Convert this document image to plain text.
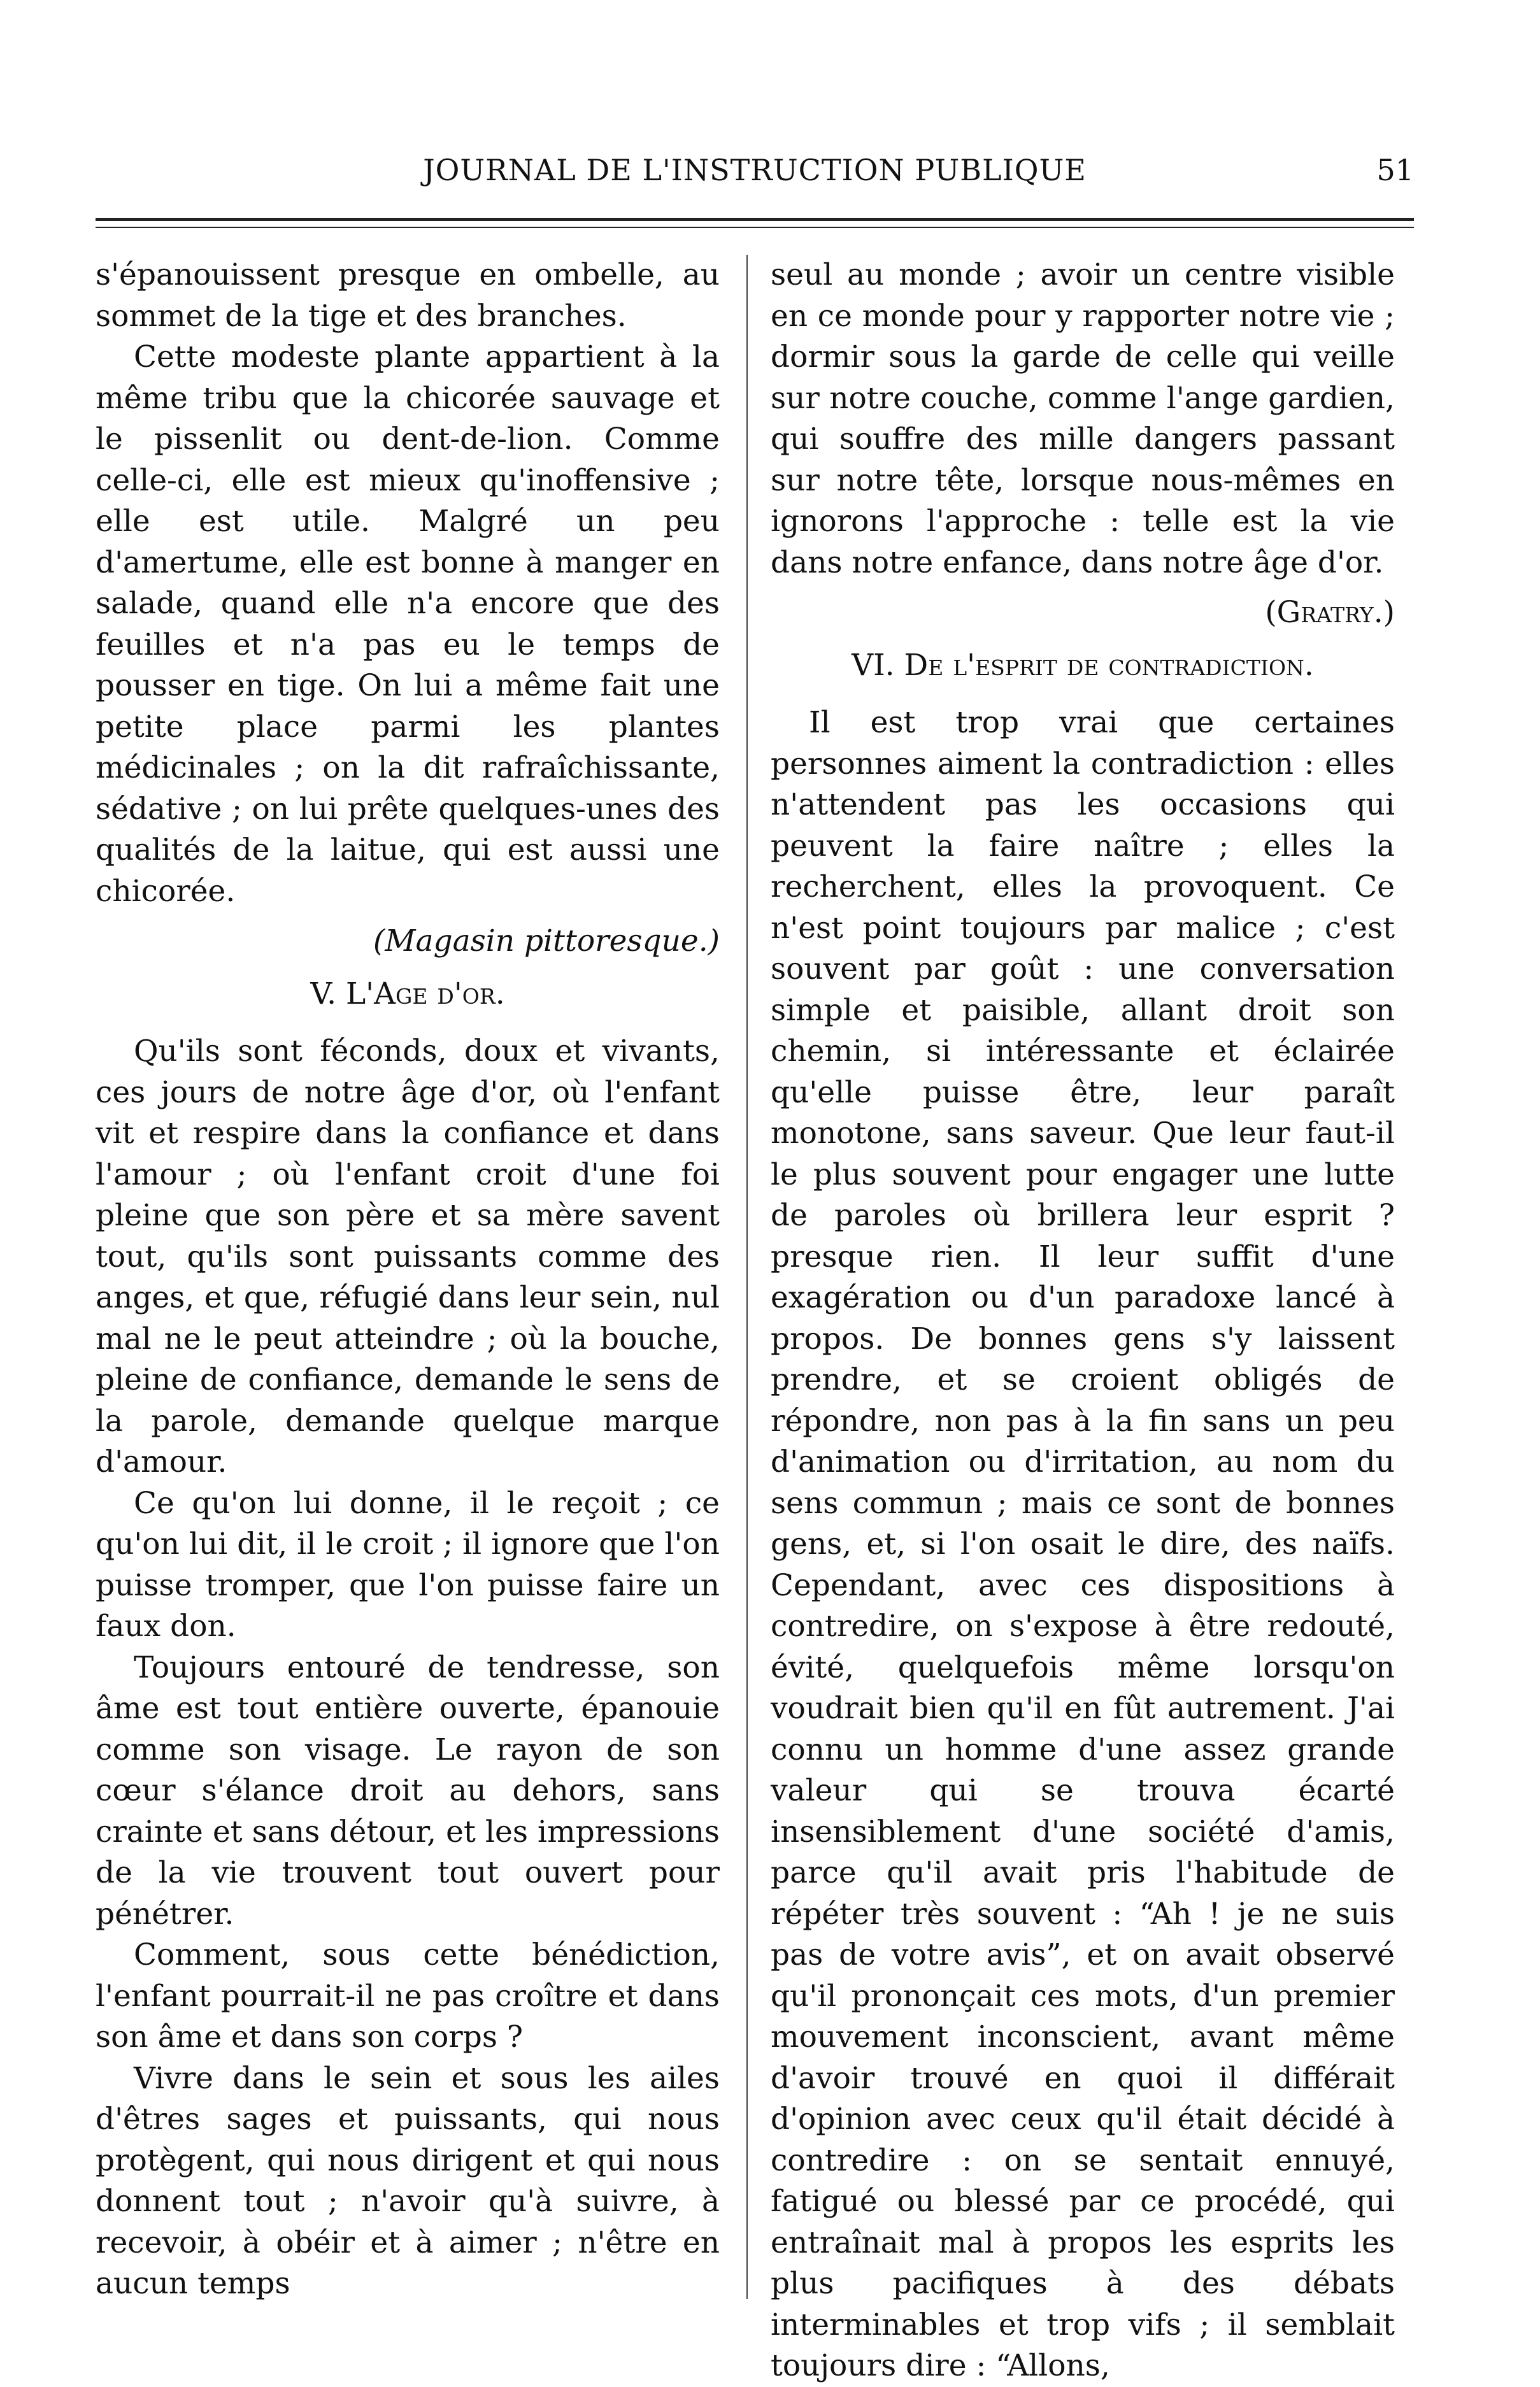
JOURNAL DE L'INSTRUCTION PUBLIQUE	51

s'épanouissent presque en ombelle, au sommet de la tige et des branches.

Cette modeste plante appartient à la même tribu que la chicorée sauvage et le pissenlit ou dent-de-lion. Comme celle-ci, elle est mieux qu'inoffensive ; elle est utile. Malgré un peu d'amertume, elle est bonne à manger en salade, quand elle n'a encore que des feuilles et n'a pas eu le temps de pousser en tige. On lui a même fait une petite place parmi les plantes médicinales ; on la dit rafraîchissante, sédative ; on lui prête quelques-unes des qualités de la laitue, qui est aussi une chicorée.

(Magasin pittoresque.)
V. L'Age d'or.

Qu'ils sont féconds, doux et vivants, ces jours de notre âge d'or, où l'enfant vit et respire dans la confiance et dans l'amour ; où l'enfant croit d'une foi pleine que son père et sa mère savent tout, qu'ils sont puissants comme des anges, et que, réfugié dans leur sein, nul mal ne le peut atteindre ; où la bouche, pleine de confiance, demande le sens de la parole, demande quelque marque d'amour.

Ce qu'on lui donne, il le reçoit ; ce qu'on lui dit, il le croit ; il ignore que l'on puisse tromper, que l'on puisse faire un faux don.

Toujours entouré de tendresse, son âme est tout entière ouverte, épanouie comme son visage. Le rayon de son cœur s'élance droit au dehors, sans crainte et sans détour, et les impressions de la vie trouvent tout ouvert pour pénétrer.

Comment, sous cette bénédiction, l'enfant pourrait-il ne pas croître et dans son âme et dans son corps ?

Vivre dans le sein et sous les ailes d'êtres sages et puissants, qui nous protègent, qui nous dirigent et qui nous donnent tout ; n'avoir qu'à suivre, à recevoir, à obéir et à aimer ; n'être en aucun temps

seul au monde ; avoir un centre visible en ce monde pour y rapporter notre vie ; dormir sous la garde de celle qui veille sur notre couche, comme l'ange gardien, qui souffre des mille dangers passant sur notre tête, lorsque nous-mêmes en ignorons l'approche : telle est la vie dans notre enfance, dans notre âge d'or.

(Gratry.)
VI. De l'esprit de contradiction.

Il est trop vrai que certaines personnes aiment la contradiction : elles n'attendent pas les occasions qui peuvent la faire naître ; elles la recherchent, elles la provoquent. Ce n'est point toujours par malice ; c'est souvent par goût : une conversation simple et paisible, allant droit son chemin, si intéressante et éclairée qu'elle puisse être, leur paraît monotone, sans saveur. Que leur faut-il le plus souvent pour engager une lutte de paroles où brillera leur esprit ? presque rien. Il leur suffit d'une exagération ou d'un paradoxe lancé à propos. De bonnes gens s'y laissent prendre, et se croient obligés de répondre, non pas à la fin sans un peu d'animation ou d'irritation, au nom du sens commun ; mais ce sont de bonnes gens, et, si l'on osait le dire, des naïfs. Cependant, avec ces dispositions à contredire, on s'expose à être redouté, évité, quelquefois même lorsqu'on voudrait bien qu'il en fût autrement. J'ai connu un homme d'une assez grande valeur qui se trouva écarté insensiblement d'une société d'amis, parce qu'il avait pris l'habitude de répéter très souvent : “Ah ! je ne suis pas de votre avis”, et on avait observé qu'il prononçait ces mots, d'un premier mouvement inconscient, avant même d'avoir trouvé en quoi il différait d'opinion avec ceux qu'il était décidé à contredire : on se sentait ennuyé, fatigué ou blessé par ce procédé, qui entraînait mal à propos les esprits les plus pacifiques à des débats interminables et trop vifs ; il semblait toujours dire : “Allons,
